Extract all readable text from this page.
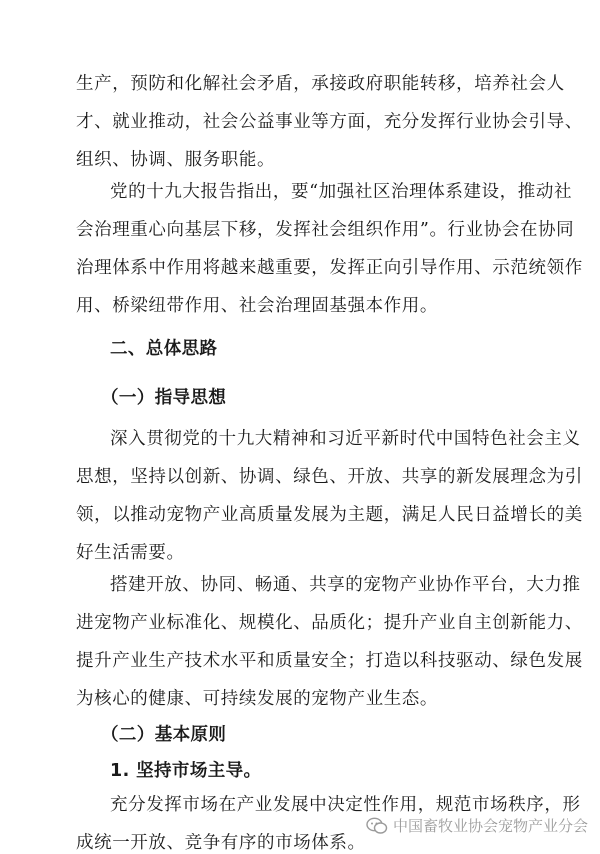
生产，预防和化解社会矛盾，承接政府职能转移，培养社会人
才、就业推动，社会公益事业等方面，充分发挥行业协会引导、
组织、协调、服务职能。
党的十九大报告指出，要“加强社区治理体系建设，推动社
会治理重心向基层下移，发挥社会组织作用”。行业协会在协同
治理体系中作用将越来越重要，发挥正向引导作用、示范统领作
用、桥梁纽带作用、社会治理固基强本作用。
二、总体思路
（一）指导思想
深入贯彻党的十九大精神和习近平新时代中国特色社会主义
思想，坚持以创新、协调、绿色、开放、共享的新发展理念为引
领，以推动宠物产业高质量发展为主题，满足人民日益增长的美
好生活需要。
搭建开放、协同、畅通、共享的宠物产业协作平台，大力推
进宠物产业标准化、规模化、品质化；提升产业自主创新能力、
提升产业生产技术水平和质量安全；打造以科技驱动、绿色发展
为核心的健康、可持续发展的宠物产业生态。
（二）基本原则
1. 坚持市场主导。
充分发挥市场在产业发展中决定性作用，规范市场秩序，形
成统一开放、竞争有序的市场体系。
中国畜牧业协会宠物产业分会
